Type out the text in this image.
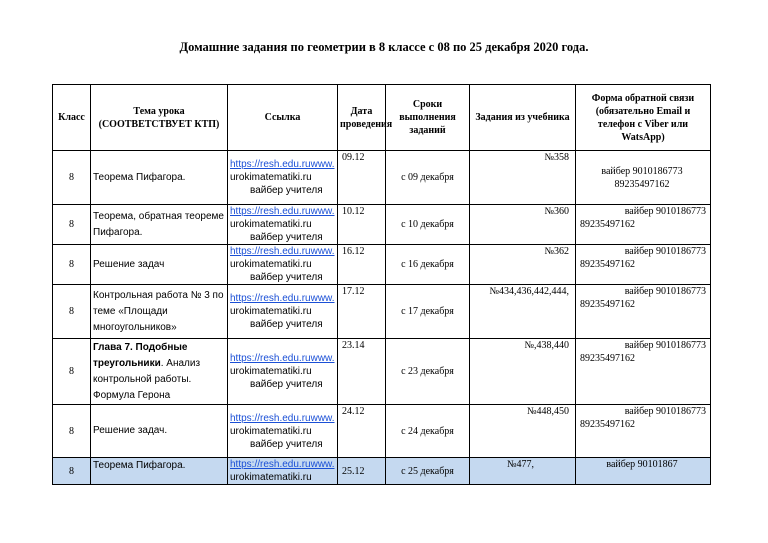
Домашние задания по геометрии в 8 классе с 08 по 25 декабря 2020 года.
Класс	Тема урока (СООТВЕТСТВУЕТ КТП)	Ссылка	Дата проведения	Сроки выполнения заданий	Задания из учебника	Форма обратной связи (обязательно Email и телефон с Viber или WatsApp)
8	Теорема Пифагора.	https://resh.edu.ruwww.
urokimatematiki.ru
вайбер учителя	09.12	с 09 декабря	№358	вайбер 9010186773
89235497162

8	Теорема, обратная теореме Пифагора.	https://resh.edu.ruwww.
urokimatematiki.ru
вайбер учителя	10.12	с 10 декабря	№360	вайбер 9010186773
89235497162

8	Решение задач	https://resh.edu.ruwww.
urokimatematiki.ru
вайбер учителя	16.12	с 16 декабря	№362	вайбер 9010186773
89235497162

8	Контрольная работа № 3 по теме «Площади многоугольников»	https://resh.edu.ruwww.
urokimatematiki.ru
вайбер учителя	17.12	с 17 декабря	№434,436,442,444,	вайбер 9010186773
89235497162

8	Глава 7. Подобные треугольники. Анализ контрольной работы. Формула Герона	https://resh.edu.ruwww.
urokimatematiki.ru
вайбер учителя	23.14	с 23 декабря	№,438,440	вайбер 9010186773
89235497162

8	Решение задач.	https://resh.edu.ruwww.
urokimatematiki.ru
вайбер учителя	24.12	с 24 декабря	№448,450	вайбер 9010186773
89235497162

8	Теорема Пифагора.	https://resh.edu.ruwww.
urokimatematiki.ru	25.12	с 25 декабря	№477,	вайбер 90101867
